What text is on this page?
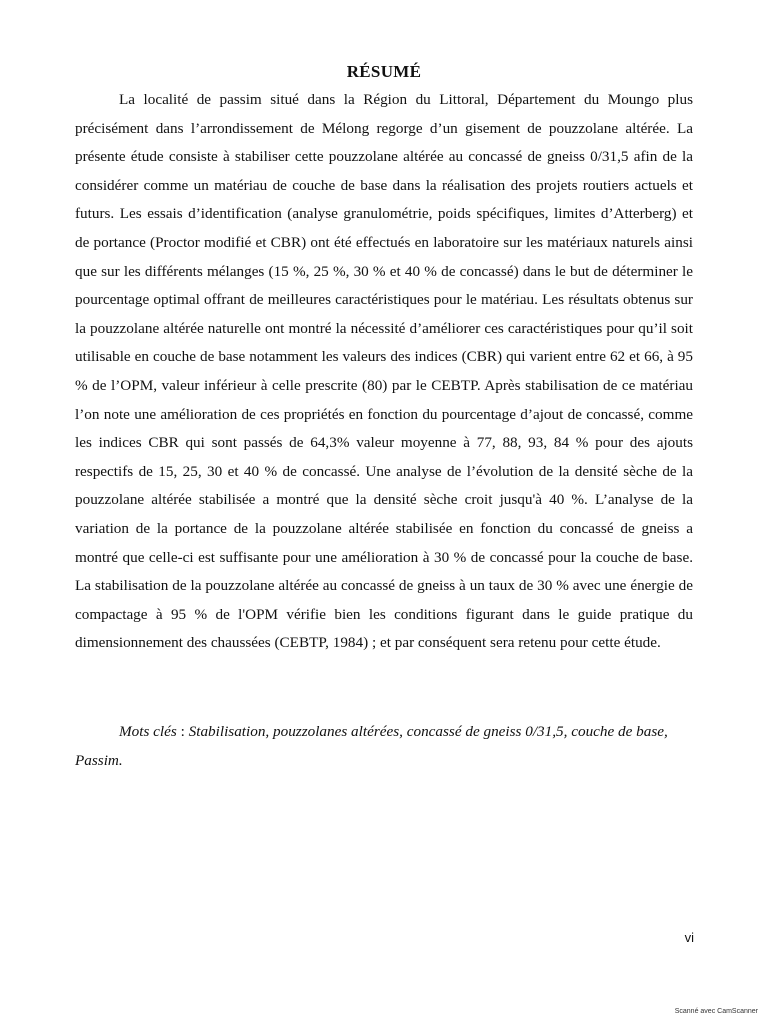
RÉSUMÉ

La localité de passim situé dans la Région du Littoral, Département du Moungo plus précisément dans l’arrondissement de Mélong regorge d’un gisement de pouzzolane altérée. La présente étude consiste à stabiliser cette pouzzolane altérée au concassé de gneiss 0/31,5 afin de la considérer comme un matériau de couche de base dans la réalisation des projets routiers actuels et futurs. Les essais d’identification (analyse granulométrie, poids spécifiques, limites d’Atterberg) et de portance (Proctor modifié et CBR) ont été effectués en laboratoire sur les matériaux naturels ainsi que sur les différents mélanges (15 %, 25 %, 30 % et 40 % de concassé) dans le but de déterminer le pourcentage optimal offrant de meilleures caractéristiques pour le matériau. Les résultats obtenus sur la pouzzolane altérée naturelle ont montré la nécessité d’améliorer ces caractéristiques pour qu’il soit utilisable en couche de base notamment les valeurs des indices (CBR) qui varient entre 62 et 66, à 95 % de l’OPM, valeur inférieur à celle prescrite (80) par le CEBTP. Après stabilisation de ce matériau l’on note une amélioration de ces propriétés en fonction du pourcentage d’ajout de concassé, comme les indices CBR qui sont passés de 64,3% valeur moyenne à 77, 88, 93, 84 % pour des ajouts respectifs de 15, 25, 30 et 40 % de concassé. Une analyse de l’évolution de la densité sèche de la pouzzolane altérée stabilisée a montré que la densité sèche croit jusqu'à 40 %. L’analyse de la variation de la portance de la pouzzolane altérée stabilisée en fonction du concassé de gneiss a montré que celle-ci est suffisante pour une amélioration à 30 % de concassé pour la couche de base. La stabilisation de la pouzzolane altérée au concassé de gneiss à un taux de 30 % avec une énergie de compactage à 95 % de l'OPM vérifie bien les conditions figurant dans le guide pratique du dimensionnement des chaussées (CEBTP, 1984) ; et par conséquent sera retenu pour cette étude.

Mots clés : Stabilisation, pouzzolanes altérées, concassé de gneiss 0/31,5, couche de base, Passim.

vi
Scanné avec CamScanner
